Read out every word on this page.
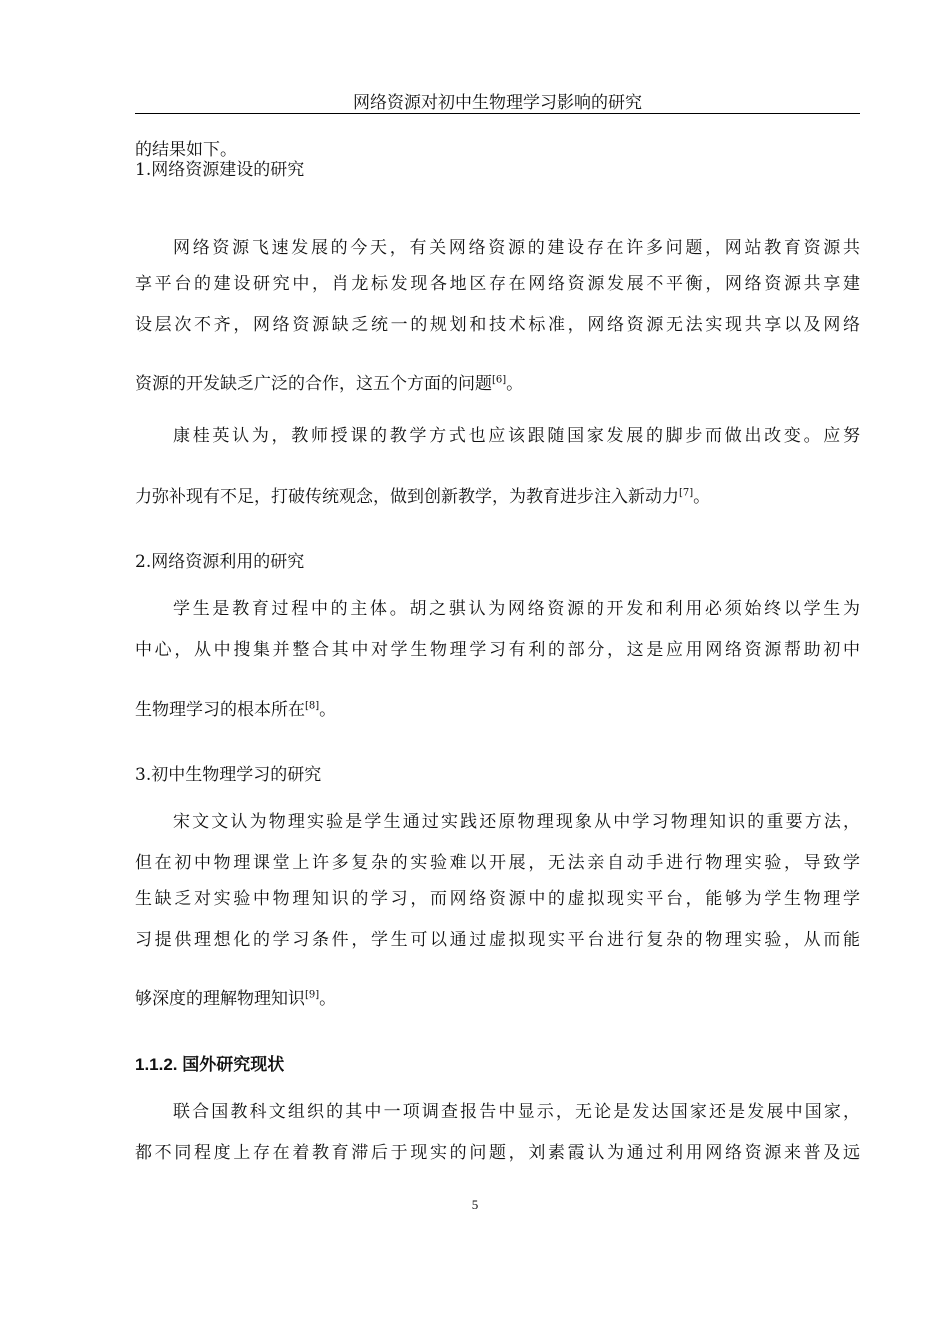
网络资源对初中生物理学习影响的研究
的结果如下。
1.网络资源建设的研究
网络资源飞速发展的今天，有关网络资源的建设存在许多问题，网站教育资源共
享平台的建设研究中，肖龙标发现各地区存在网络资源发展不平衡，网络资源共享建
设层次不齐，网络资源缺乏统一的规划和技术标准，网络资源无法实现共享以及网络
资源的开发缺乏广泛的合作，这五个方面的问题[6]。
康桂英认为，教师授课的教学方式也应该跟随国家发展的脚步而做出改变。应努
力弥补现有不足，打破传统观念，做到创新教学，为教育进步注入新动力[7]。
2.网络资源利用的研究
学生是教育过程中的主体。胡之骐认为网络资源的开发和利用必须始终以学生为
中心，从中搜集并整合其中对学生物理学习有利的部分，这是应用网络资源帮助初中
生物理学习的根本所在[8]。
3.初中生物理学习的研究
宋文文认为物理实验是学生通过实践还原物理现象从中学习物理知识的重要方法，
但在初中物理课堂上许多复杂的实验难以开展，无法亲自动手进行物理实验，导致学
生缺乏对实验中物理知识的学习，而网络资源中的虚拟现实平台，能够为学生物理学
习提供理想化的学习条件，学生可以通过虚拟现实平台进行复杂的物理实验，从而能
够深度的理解物理知识[9]。
1.1.2. 国外研究现状
联合国教科文组织的其中一项调查报告中显示，无论是发达国家还是发展中国家，
都不同程度上存在着教育滞后于现实的问题，刘素霞认为通过利用网络资源来普及远
5
